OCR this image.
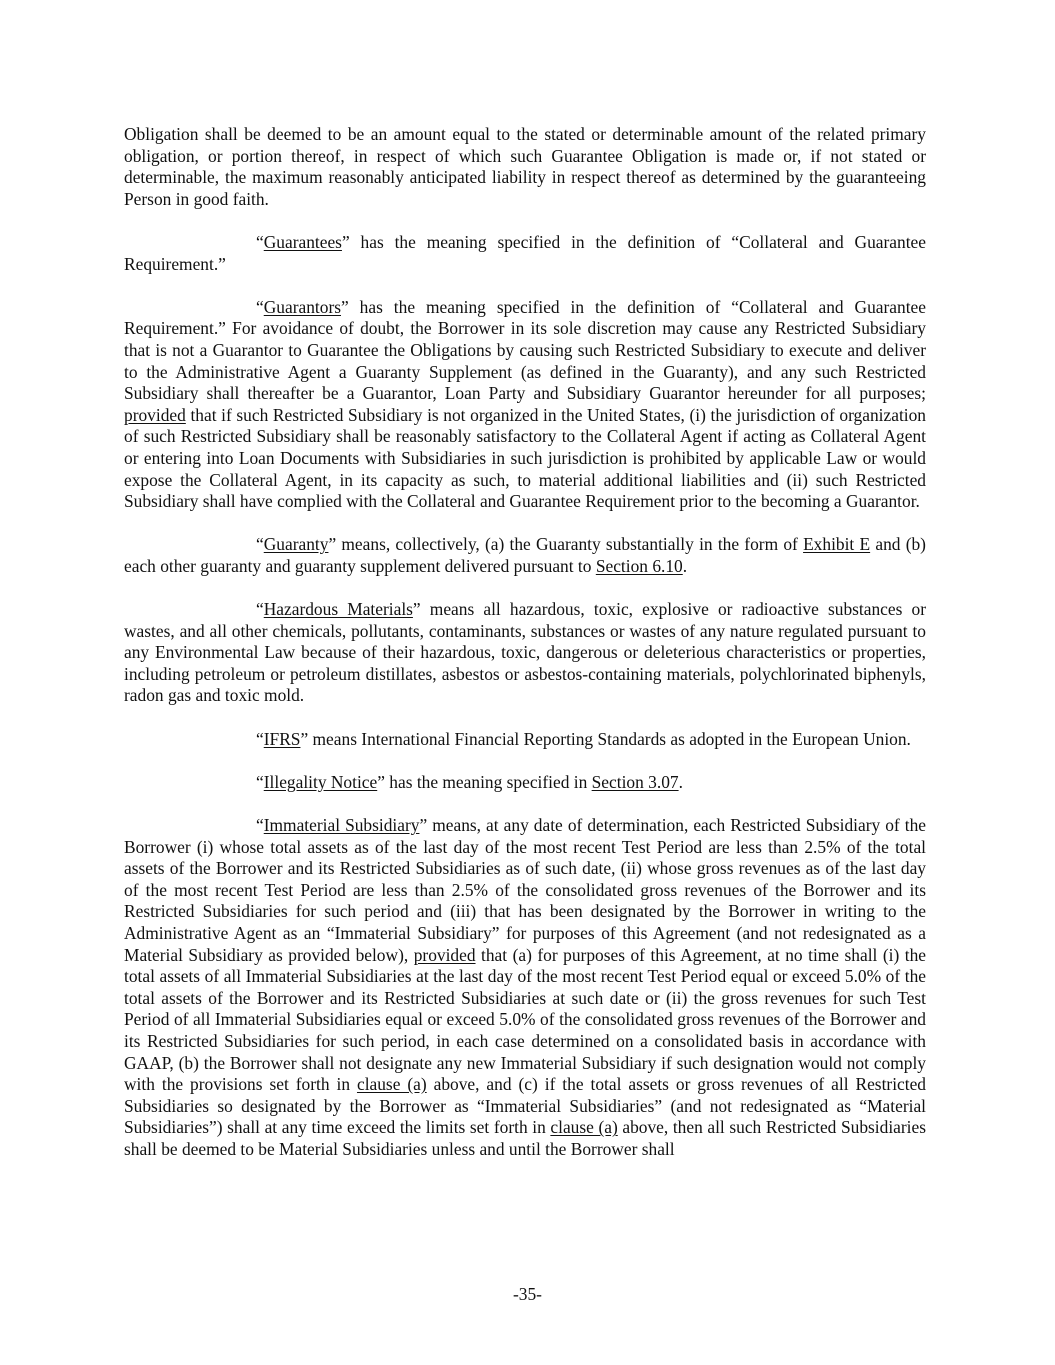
Obligation shall be deemed to be an amount equal to the stated or determinable amount of the related primary obligation, or portion thereof, in respect of which such Guarantee Obligation is made or, if not stated or determinable, the maximum reasonably anticipated liability in respect thereof as determined by the guaranteeing Person in good faith.

“Guarantees” has the meaning specified in the definition of “Collateral and Guarantee Requirement.”

“Guarantors” has the meaning specified in the definition of “Collateral and Guarantee Requirement.” For avoidance of doubt, the Borrower in its sole discretion may cause any Restricted Subsidiary that is not a Guarantor to Guarantee the Obligations by causing such Restricted Subsidiary to execute and deliver to the Administrative Agent a Guaranty Supplement (as defined in the Guaranty), and any such Restricted Subsidiary shall thereafter be a Guarantor, Loan Party and Subsidiary Guarantor hereunder for all purposes; provided that if such Restricted Subsidiary is not organized in the United States, (i) the jurisdiction of organization of such Restricted Subsidiary shall be reasonably satisfactory to the Collateral Agent if acting as Collateral Agent or entering into Loan Documents with Subsidiaries in such jurisdiction is prohibited by applicable Law or would expose the Collateral Agent, in its capacity as such, to material additional liabilities and (ii) such Restricted Subsidiary shall have complied with the Collateral and Guarantee Requirement prior to the becoming a Guarantor.

“Guaranty” means, collectively, (a) the Guaranty substantially in the form of Exhibit E and (b) each other guaranty and guaranty supplement delivered pursuant to Section 6.10.

“Hazardous Materials” means all hazardous, toxic, explosive or radioactive substances or wastes, and all other chemicals, pollutants, contaminants, substances or wastes of any nature regulated pursuant to any Environmental Law because of their hazardous, toxic, dangerous or deleterious characteristics or properties, including petroleum or petroleum distillates, asbestos or asbestos-containing materials, polychlorinated biphenyls, radon gas and toxic mold.

“IFRS” means International Financial Reporting Standards as adopted in the European Union.

“Illegality Notice” has the meaning specified in Section 3.07.

“Immaterial Subsidiary” means, at any date of determination, each Restricted Subsidiary of the Borrower (i) whose total assets as of the last day of the most recent Test Period are less than 2.5% of the total assets of the Borrower and its Restricted Subsidiaries as of such date, (ii) whose gross revenues as of the last day of the most recent Test Period are less than 2.5% of the consolidated gross revenues of the Borrower and its Restricted Subsidiaries for such period and (iii) that has been designated by the Borrower in writing to the Administrative Agent as an “Immaterial Subsidiary” for purposes of this Agreement (and not redesignated as a Material Subsidiary as provided below), provided that (a) for purposes of this Agreement, at no time shall (i) the total assets of all Immaterial Subsidiaries at the last day of the most recent Test Period equal or exceed 5.0% of the total assets of the Borrower and its Restricted Subsidiaries at such date or (ii) the gross revenues for such Test Period of all Immaterial Subsidiaries equal or exceed 5.0% of the consolidated gross revenues of the Borrower and its Restricted Subsidiaries for such period, in each case determined on a consolidated basis in accordance with GAAP, (b) the Borrower shall not designate any new Immaterial Subsidiary if such designation would not comply with the provisions set forth in clause (a) above, and (c) if the total assets or gross revenues of all Restricted Subsidiaries so designated by the Borrower as “Immaterial Subsidiaries” (and not redesignated as “Material Subsidiaries”) shall at any time exceed the limits set forth in clause (a) above, then all such Restricted Subsidiaries shall be deemed to be Material Subsidiaries unless and until the Borrower shall

-35-
